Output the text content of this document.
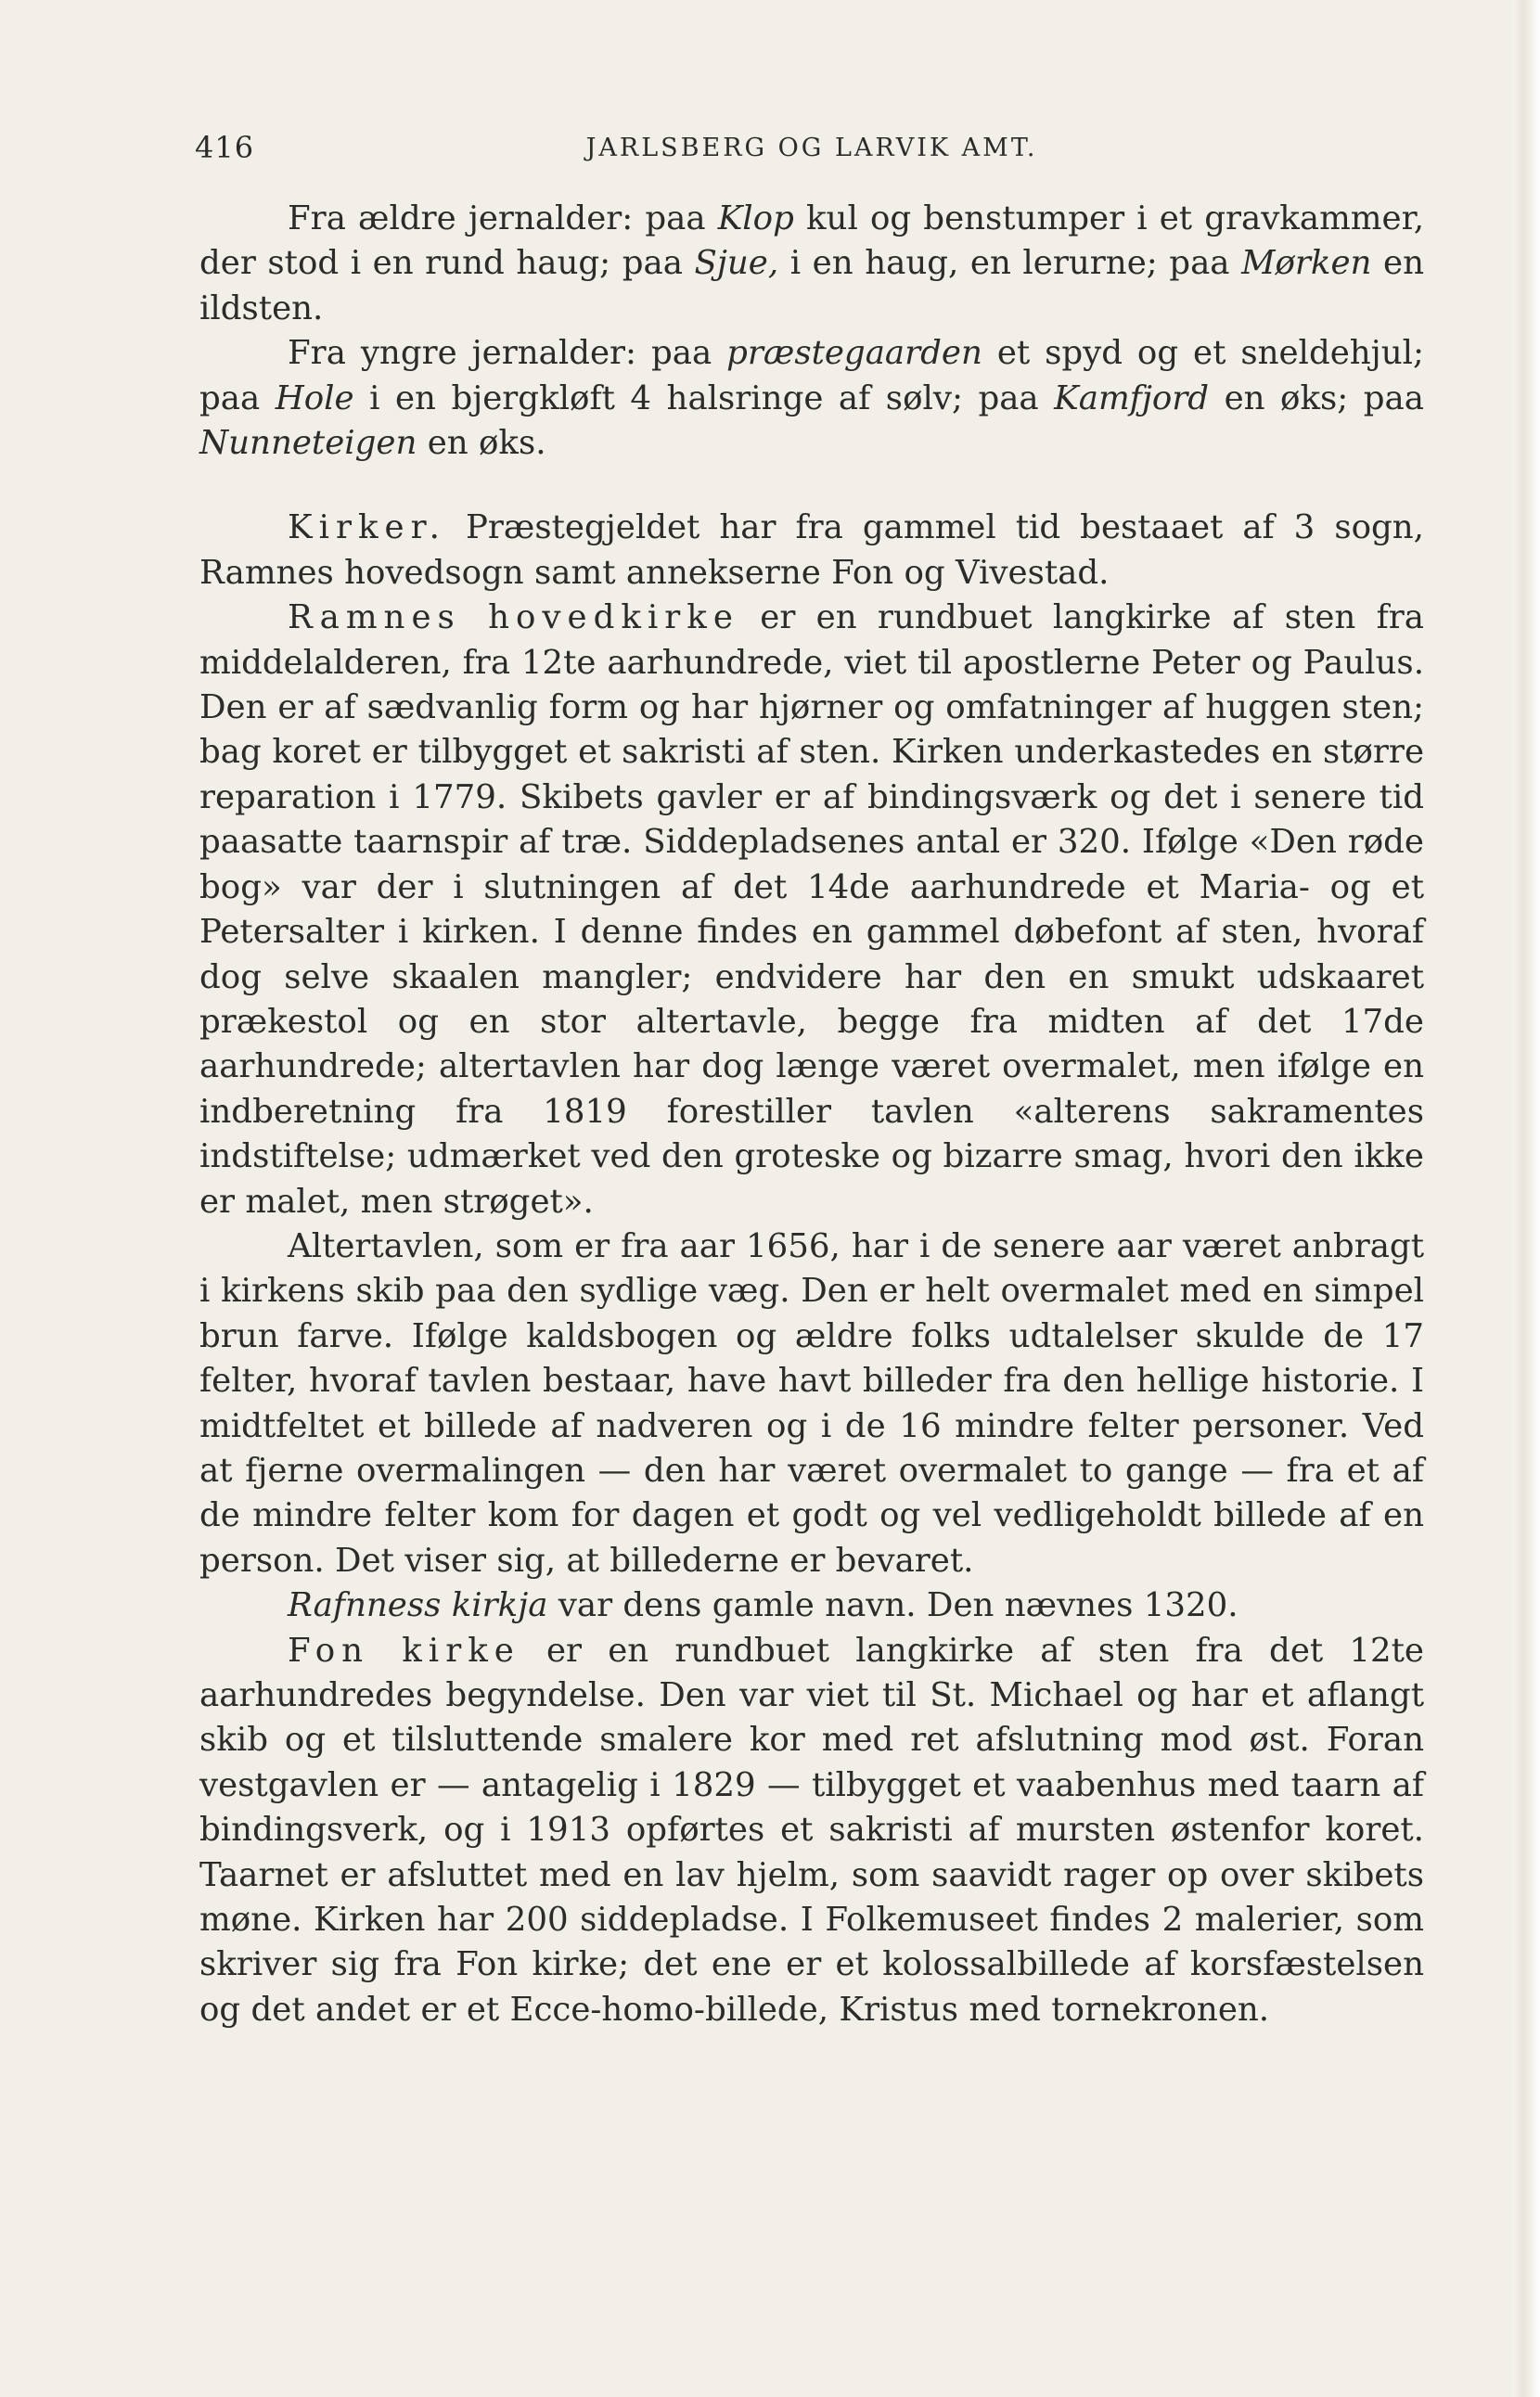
416	JARLSBERG OG LARVIK AMT.

Fra ældre jernalder: paa Klop kul og benstumper i et gravkammer, der stod i en rund haug; paa Sjue, i en haug, en lerurne; paa Mørken en ildsten.

Fra yngre jernalder: paa præstegaarden et spyd og et sneldehjul; paa Hole i en bjergkløft 4 halsringe af sølv; paa Kamfjord en øks; paa Nunneteigen en øks.

Kirker. Præstegjeldet har fra gammel tid bestaaet af 3 sogn, Ramnes hovedsogn samt annekserne Fon og Vivestad.

Ramnes hovedkirke er en rundbuet langkirke af sten fra middelalderen, fra 12te aarhundrede, viet til apostlerne Peter og Paulus. Den er af sædvanlig form og har hjørner og omfatninger af huggen sten; bag koret er tilbygget et sakristi af sten. Kirken underkastedes en større reparation i 1779. Skibets gavler er af bindingsværk og det i senere tid paasatte taarnspir af træ. Siddepladsenes antal er 320. Ifølge «Den røde bog» var der i slutningen af det 14de aarhundrede et Maria- og et Petersalter i kirken. I denne findes en gammel døbefont af sten, hvoraf dog selve skaalen mangler; endvidere har den en smukt udskaaret prækestol og en stor altertavle, begge fra midten af det 17de aarhundrede; altertavlen har dog længe været overmalet, men ifølge en indberetning fra 1819 forestiller tavlen «alterens sakramentes indstiftelse; udmærket ved den groteske og bizarre smag, hvori den ikke er malet, men strøget».

Altertavlen, som er fra aar 1656, har i de senere aar været anbragt i kirkens skib paa den sydlige væg. Den er helt overmalet med en simpel brun farve. Ifølge kaldsbogen og ældre folks udtalelser skulde de 17 felter, hvoraf tavlen bestaar, have havt billeder fra den hellige historie. I midtfeltet et billede af nadveren og i de 16 mindre felter personer. Ved at fjerne overmalingen — den har været overmalet to gange — fra et af de mindre felter kom for dagen et godt og vel vedligeholdt billede af en person. Det viser sig, at billederne er bevaret.

Rafnness kirkja var dens gamle navn. Den nævnes 1320.

Fon kirke er en rundbuet langkirke af sten fra det 12te aarhundredes begyndelse. Den var viet til St. Michael og har et aflangt skib og et tilsluttende smalere kor med ret afslutning mod øst. Foran vestgavlen er — antagelig i 1829 — tilbygget et vaabenhus med taarn af bindingsverk, og i 1913 opførtes et sakristi af mursten østenfor koret. Taarnet er afsluttet med en lav hjelm, som saavidt rager op over skibets møne. Kirken har 200 siddepladse. I Folkemuseet findes 2 malerier, som skriver sig fra Fon kirke; det ene er et kolossalbillede af korsfæstelsen og det andet er et Ecce-homo-billede, Kristus med tornekronen.
